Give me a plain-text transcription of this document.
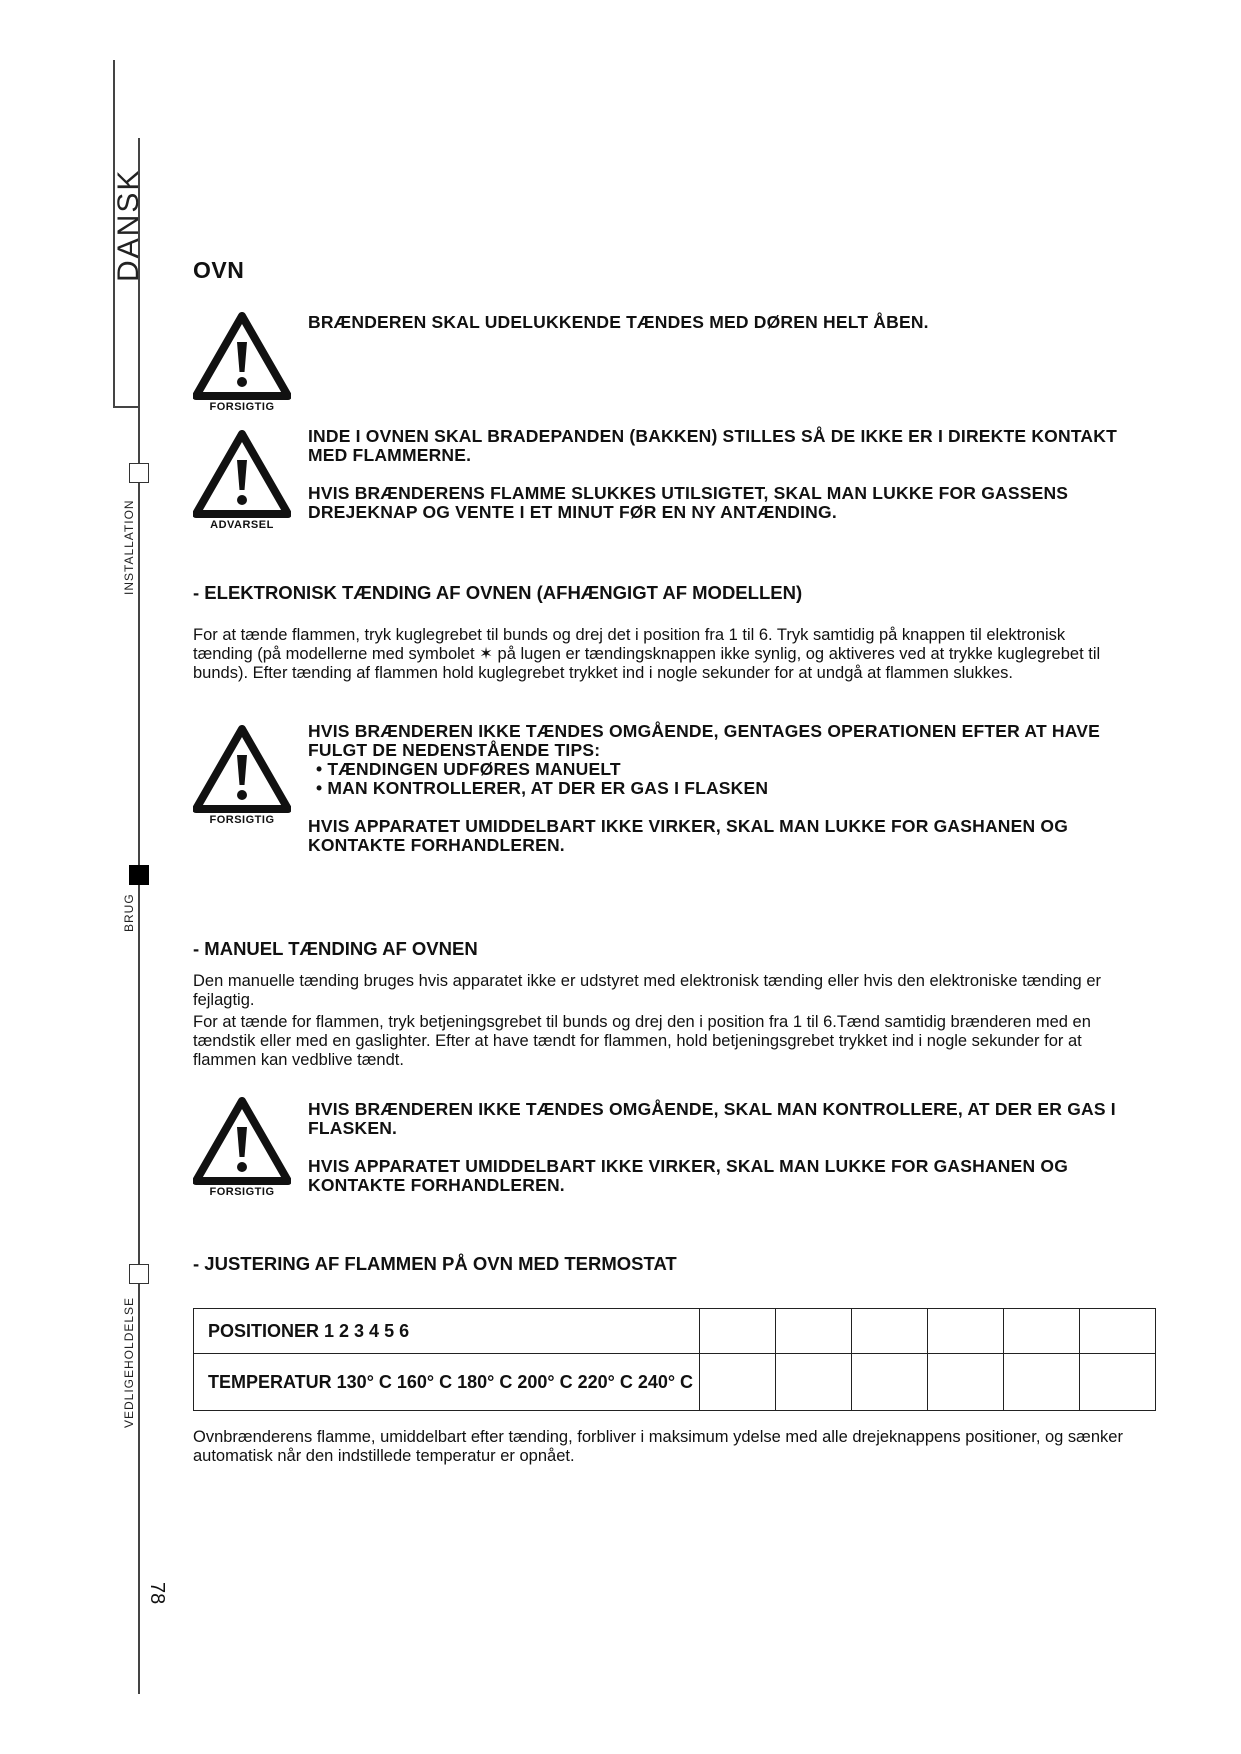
DANSK
INSTALLATION
BRUG
VEDLIGEHOLDELSE
78
OVN
FORSIGTIG

BRÆNDEREN SKAL UDELUKKENDE TÆNDES MED DØREN HELT ÅBEN.

ADVARSEL

INDE I OVNEN SKAL BRADEPANDEN (BAKKEN) STILLES SÅ DE IKKE ER I DIREKTE KONTAKT MED FLAMMERNE.

HVIS BRÆNDERENS FLAMME SLUKKES UTILSIGTET, SKAL MAN LUKKE FOR GASSENS DREJEKNAP OG VENTE I ET MINUT FØR EN NY ANTÆNDING.

- ELEKTRONISK TÆNDING AF OVNEN (AFHÆNGIGT AF MODELLEN)

For at tænde flammen, tryk kuglegrebet til bunds og drej det i position fra 1 til 6. Tryk samtidig på knappen til elektronisk tænding (på modellerne med symbolet ✶ på lugen er tændingsknappen ikke synlig, og aktiveres ved at trykke kuglegrebet til bunds). Efter tænding af flammen hold kuglegrebet trykket ind i nogle sekunder for at undgå at flammen slukkes.

FORSIGTIG

HVIS BRÆNDEREN IKKE TÆNDES OMGÅENDE, GENTAGES OPERATIONEN EFTER AT HAVE FULGT DE NEDENSTÅENDE TIPS:

• TÆNDINGEN UDFØRES MANUELT

• MAN KONTROLLERER, AT DER ER GAS I FLASKEN

HVIS APPARATET UMIDDELBART IKKE VIRKER, SKAL MAN LUKKE FOR GASHANEN OG KONTAKTE FORHANDLEREN.

- MANUEL TÆNDING AF OVNEN

Den manuelle tænding bruges hvis apparatet ikke er udstyret med elektronisk tænding eller hvis den elektroniske tænding er fejlagtig.

For at tænde for flammen, tryk betjeningsgrebet til bunds og drej den i position fra 1 til 6.Tænd samtidig brænderen med en tændstik eller med en gaslighter. Efter at have tændt for flammen, hold betjeningsgrebet trykket ind i nogle sekunder for at flammen kan vedblive tændt.

FORSIGTIG

HVIS BRÆNDEREN IKKE TÆNDES OMGÅENDE, SKAL MAN KONTROLLERE, AT DER ER GAS I FLASKEN.

HVIS APPARATET UMIDDELBART IKKE VIRKER, SKAL MAN LUKKE FOR GASHANEN OG KONTAKTE FORHANDLEREN.

- JUSTERING AF FLAMMEN PÅ OVN MED TERMOSTAT
POSITIONER 1 2 3 4 5 6						

TEMPERATUR 130° C 160° C 180° C 200° C 220° C 240° C						

Ovnbrænderens flamme, umiddelbart efter tænding, forbliver i maksimum ydelse med alle drejeknappens positioner, og sænker automatisk når den indstillede temperatur er opnået.
